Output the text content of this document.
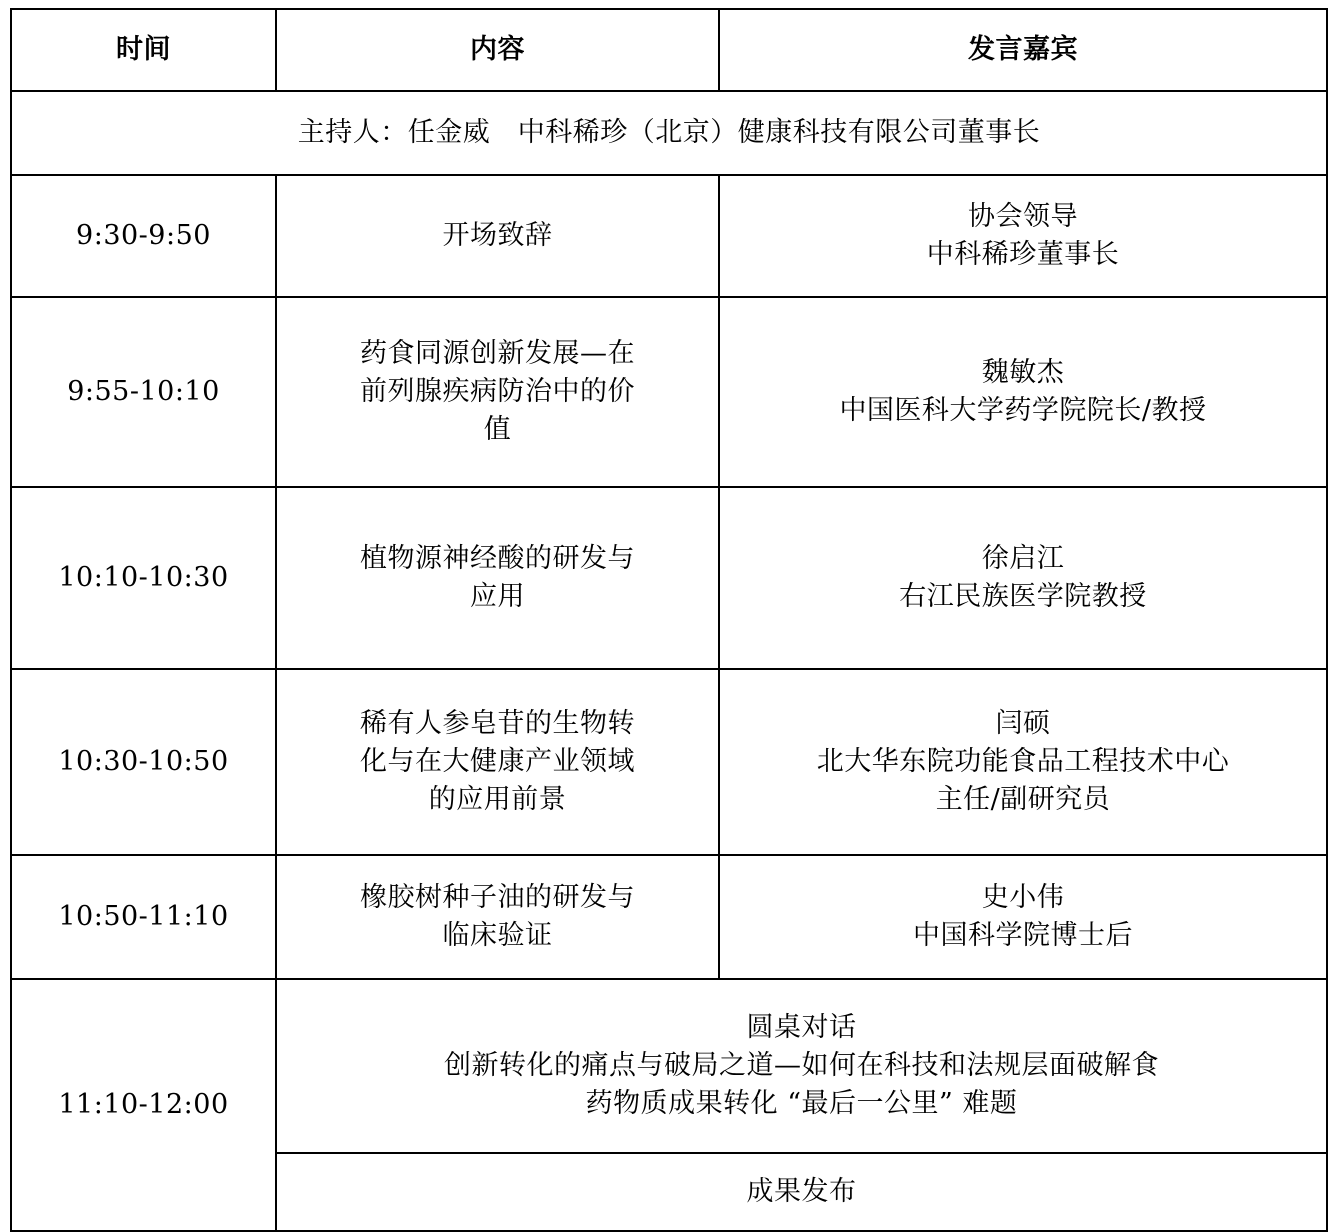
时间	内容	发言嘉宾
主持人：任金威　中科稀珍（北京）健康科技有限公司董事长		
9:30-9:50	开场致辞	协会领导
中科稀珍董事长

9:55-10:10	药食同源创新发展—在
前列腺疾病防治中的价
值	魏敏杰
中国医科大学药学院院长/教授

10:10-10:30	植物源神经酸的研发与
应用	徐启江
右江民族医学院教授

10:30-10:50	稀有人参皂苷的生物转
化与在大健康产业领域
的应用前景	闫硕
北大华东院功能食品工程技术中心
主任/副研究员

10:50-11:10	橡胶树种子油的研发与
临床验证	史小伟
中国科学院博士后

11:10-12:00	圆桌对话
创新转化的痛点与破局之道—如何在科技和法规层面破解食
药物质成果转化 “最后一公里” 难题	

	成果发布	
